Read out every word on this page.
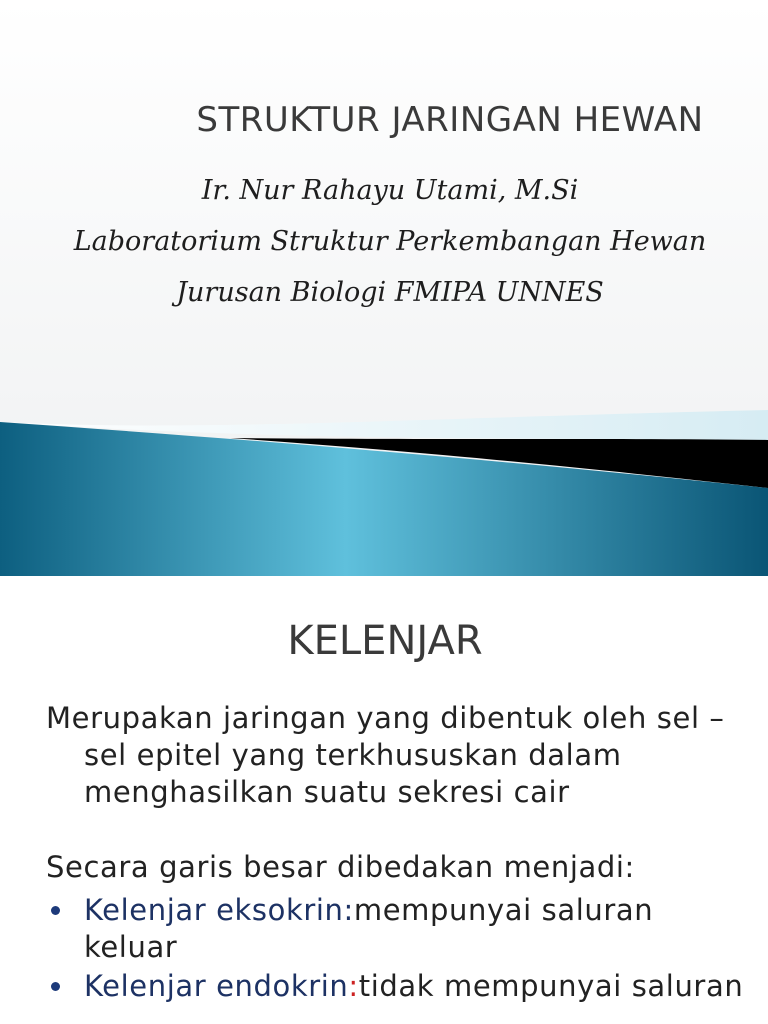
STRUKTUR JARINGAN HEWAN

Ir. Nur Rahayu Utami, M.Si

Laboratorium Struktur Perkembangan Hewan

Jurusan Biologi FMIPA UNNES

KELENJAR

Merupakan jaringan yang dibentuk oleh sel – sel epitel yang terkhususkan dalam menghasilkan suatu sekresi cair

Secara garis besar dibedakan menjadi:

Kelenjar eksokrin:mempunyai saluran keluar
Kelenjar endokrin:tidak mempunyai saluran
